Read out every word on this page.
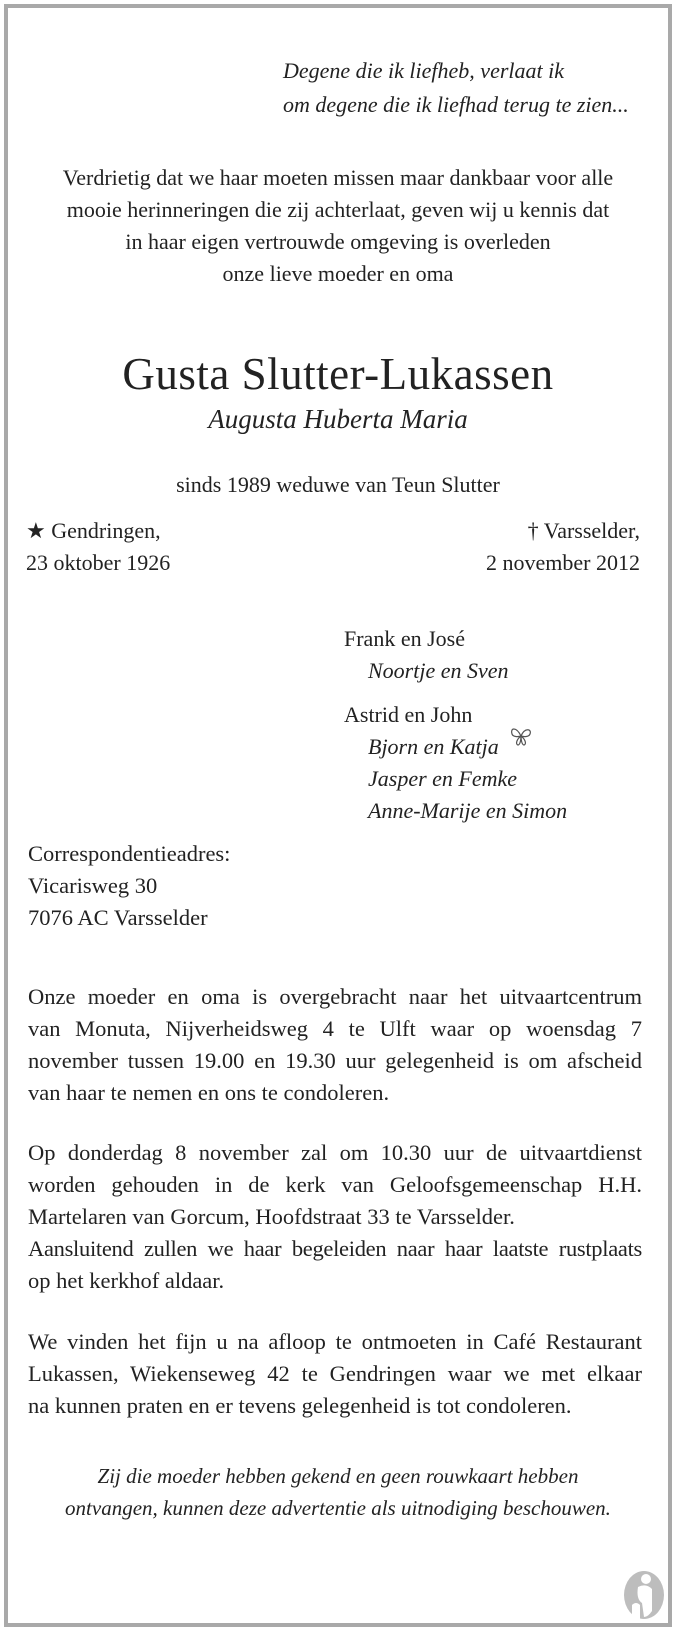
Degene die ik liefheb, verlaat ik
om degene die ik liefhad terug te zien...
Verdrietig dat we haar moeten missen maar dankbaar voor alle
mooie herinneringen die zij achterlaat, geven wij u kennis dat
in haar eigen vertrouwde omgeving is overleden
onze lieve moeder en oma
Gusta Slutter-Lukassen
Augusta Huberta Maria
sinds 1989 weduwe van Teun Slutter
★ Gendringen,
23 oktober 1926
† Varsselder,
2 november 2012
Frank en José
Noortje en Sven
Astrid en John
Bjorn en Katja
Jasper en Femke
Anne-Marije en Simon
Correspondentieadres:
Vicarisweg 30
7076 AC Varsselder
Onze moeder en oma is overgebracht naar het uitvaartcentrum
van Monuta, Nijverheidsweg 4 te Ulft waar op woensdag 7
november tussen 19.00 en 19.30 uur gelegenheid is om afscheid
van haar te nemen en ons te condoleren.
Op donderdag 8 november zal om 10.30 uur de uitvaartdienst
worden gehouden in de kerk van Geloofsgemeenschap H.H.
Martelaren van Gorcum, Hoofdstraat 33 te Varsselder.
Aansluitend zullen we haar begeleiden naar haar laatste rustplaats
op het kerkhof aldaar.
We vinden het fijn u na afloop te ontmoeten in Café Restaurant
Lukassen, Wiekenseweg 42 te Gendringen waar we met elkaar
na kunnen praten en er tevens gelegenheid is tot condoleren.
Zij die moeder hebben gekend en geen rouwkaart hebben
ontvangen, kunnen deze advertentie als uitnodiging beschouwen.
